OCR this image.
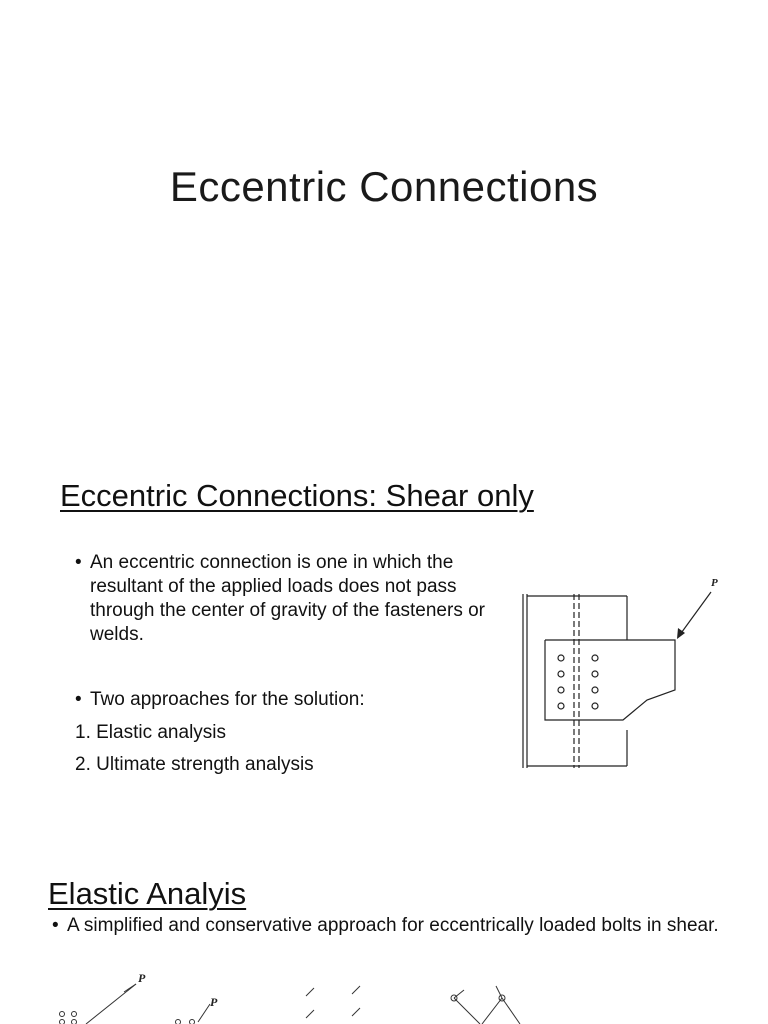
Eccentric Connections
Eccentric Connections: Shear only
• An eccentric connection is one in which the resultant of the applied loads does not pass through the center of gravity of the fasteners or welds.
• Two approaches for the solution:
1. Elastic analysis
2. Ultimate strength analysis
P
Elastic Analyis
• A simplified and conservative approach for eccentrically loaded bolts in shear.
P
P
